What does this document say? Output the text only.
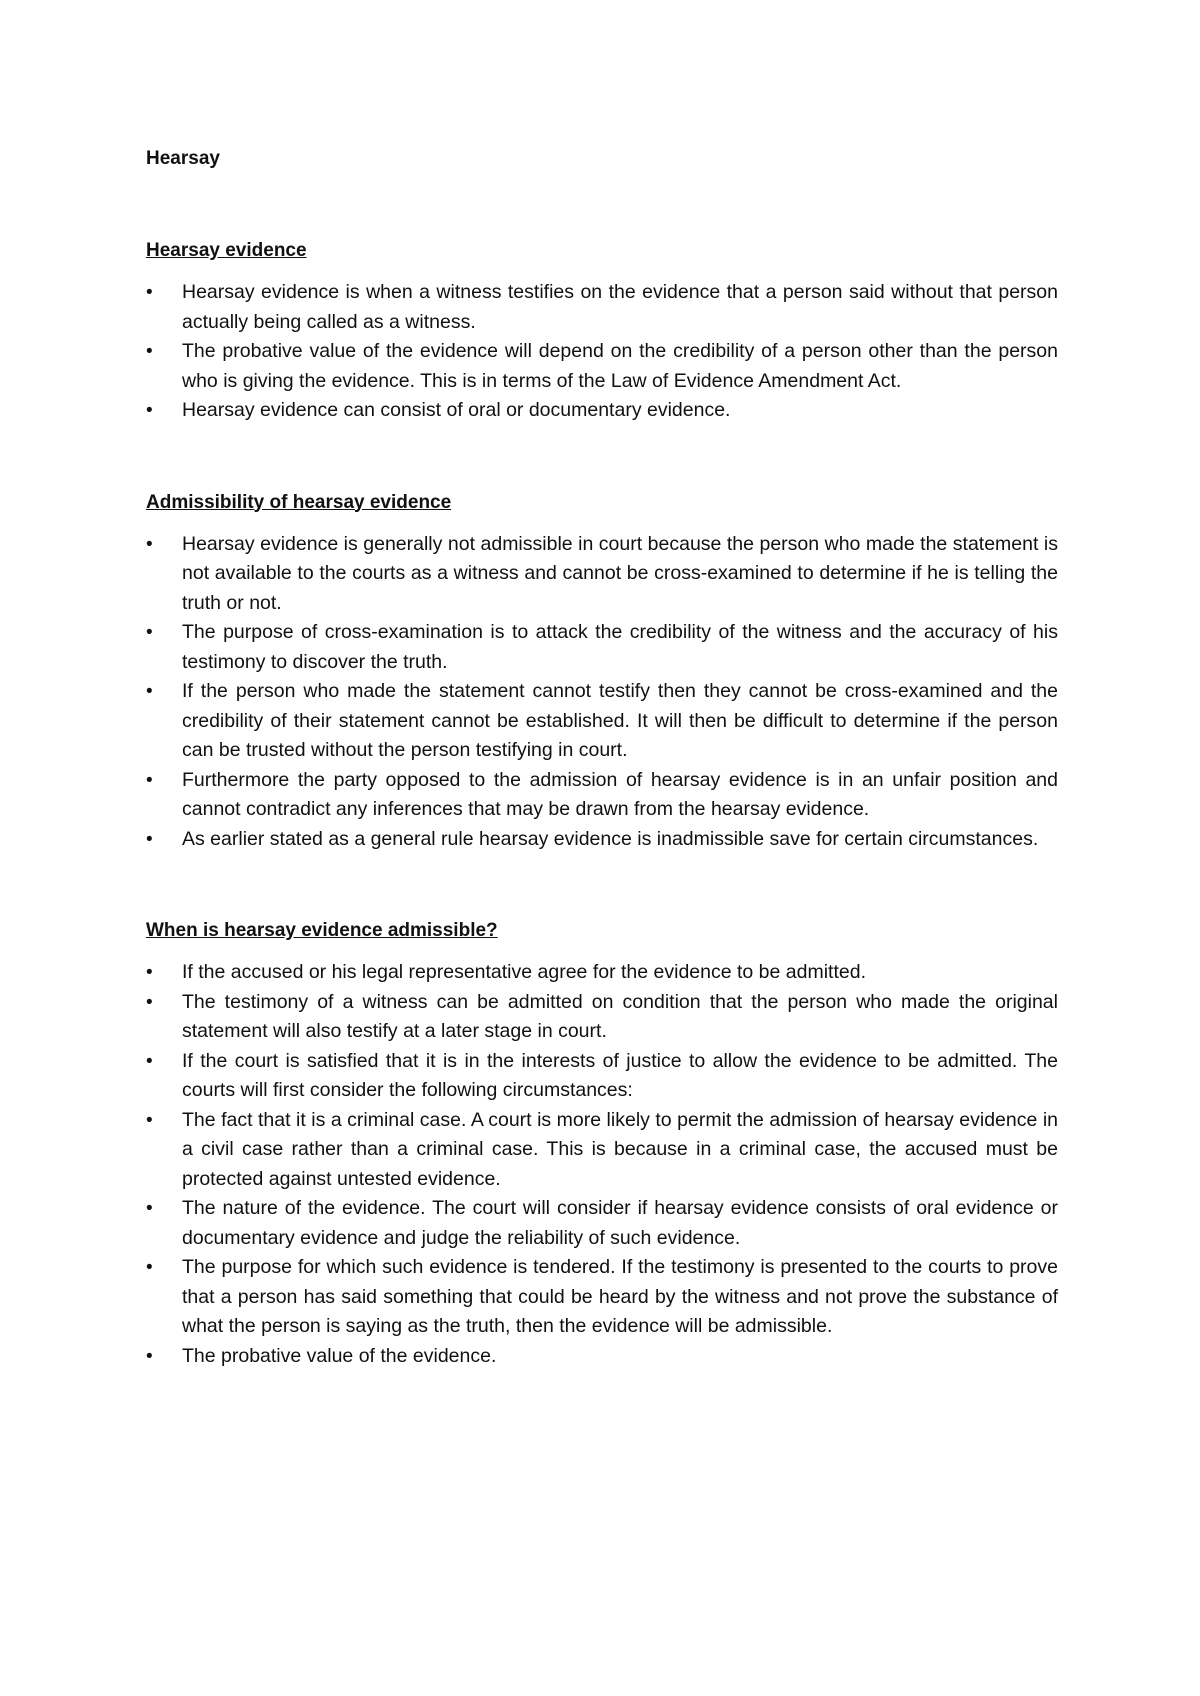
Hearsay
Hearsay evidence
• Hearsay evidence is when a witness testifies on the evidence that a person said without that person actually being called as a witness.
• The probative value of the evidence will depend on the credibility of a person other than the person who is giving the evidence. This is in terms of the Law of Evidence Amendment Act.
• Hearsay evidence can consist of oral or documentary evidence.
Admissibility of hearsay evidence
• Hearsay evidence is generally not admissible in court because the person who made the statement is not available to the courts as a witness and cannot be cross-examined to determine if he is telling the truth or not.
• The purpose of cross-examination is to attack the credibility of the witness and the accuracy of his testimony to discover the truth.
• If the person who made the statement cannot testify then they cannot be cross-examined and the credibility of their statement cannot be established. It will then be difficult to determine if the person can be trusted without the person testifying in court.
• Furthermore the party opposed to the admission of hearsay evidence is in an unfair position and cannot contradict any inferences that may be drawn from the hearsay evidence.
• As earlier stated as a general rule hearsay evidence is inadmissible save for certain circumstances.
When is hearsay evidence admissible?
• If the accused or his legal representative agree for the evidence to be admitted.
• The testimony of a witness can be admitted on condition that the person who made the original statement will also testify at a later stage in court.
• If the court is satisfied that it is in the interests of justice to allow the evidence to be admitted. The courts will first consider the following circumstances:
• The fact that it is a criminal case. A court is more likely to permit the admission of hearsay evidence in a civil case rather than a criminal case. This is because in a criminal case, the accused must be protected against untested evidence.
• The nature of the evidence. The court will consider if hearsay evidence consists of oral evidence or documentary evidence and judge the reliability of such evidence.
• The purpose for which such evidence is tendered. If the testimony is presented to the courts to prove that a person has said something that could be heard by the witness and not prove the substance of what the person is saying as the truth, then the evidence will be admissible.
• The probative value of the evidence.
